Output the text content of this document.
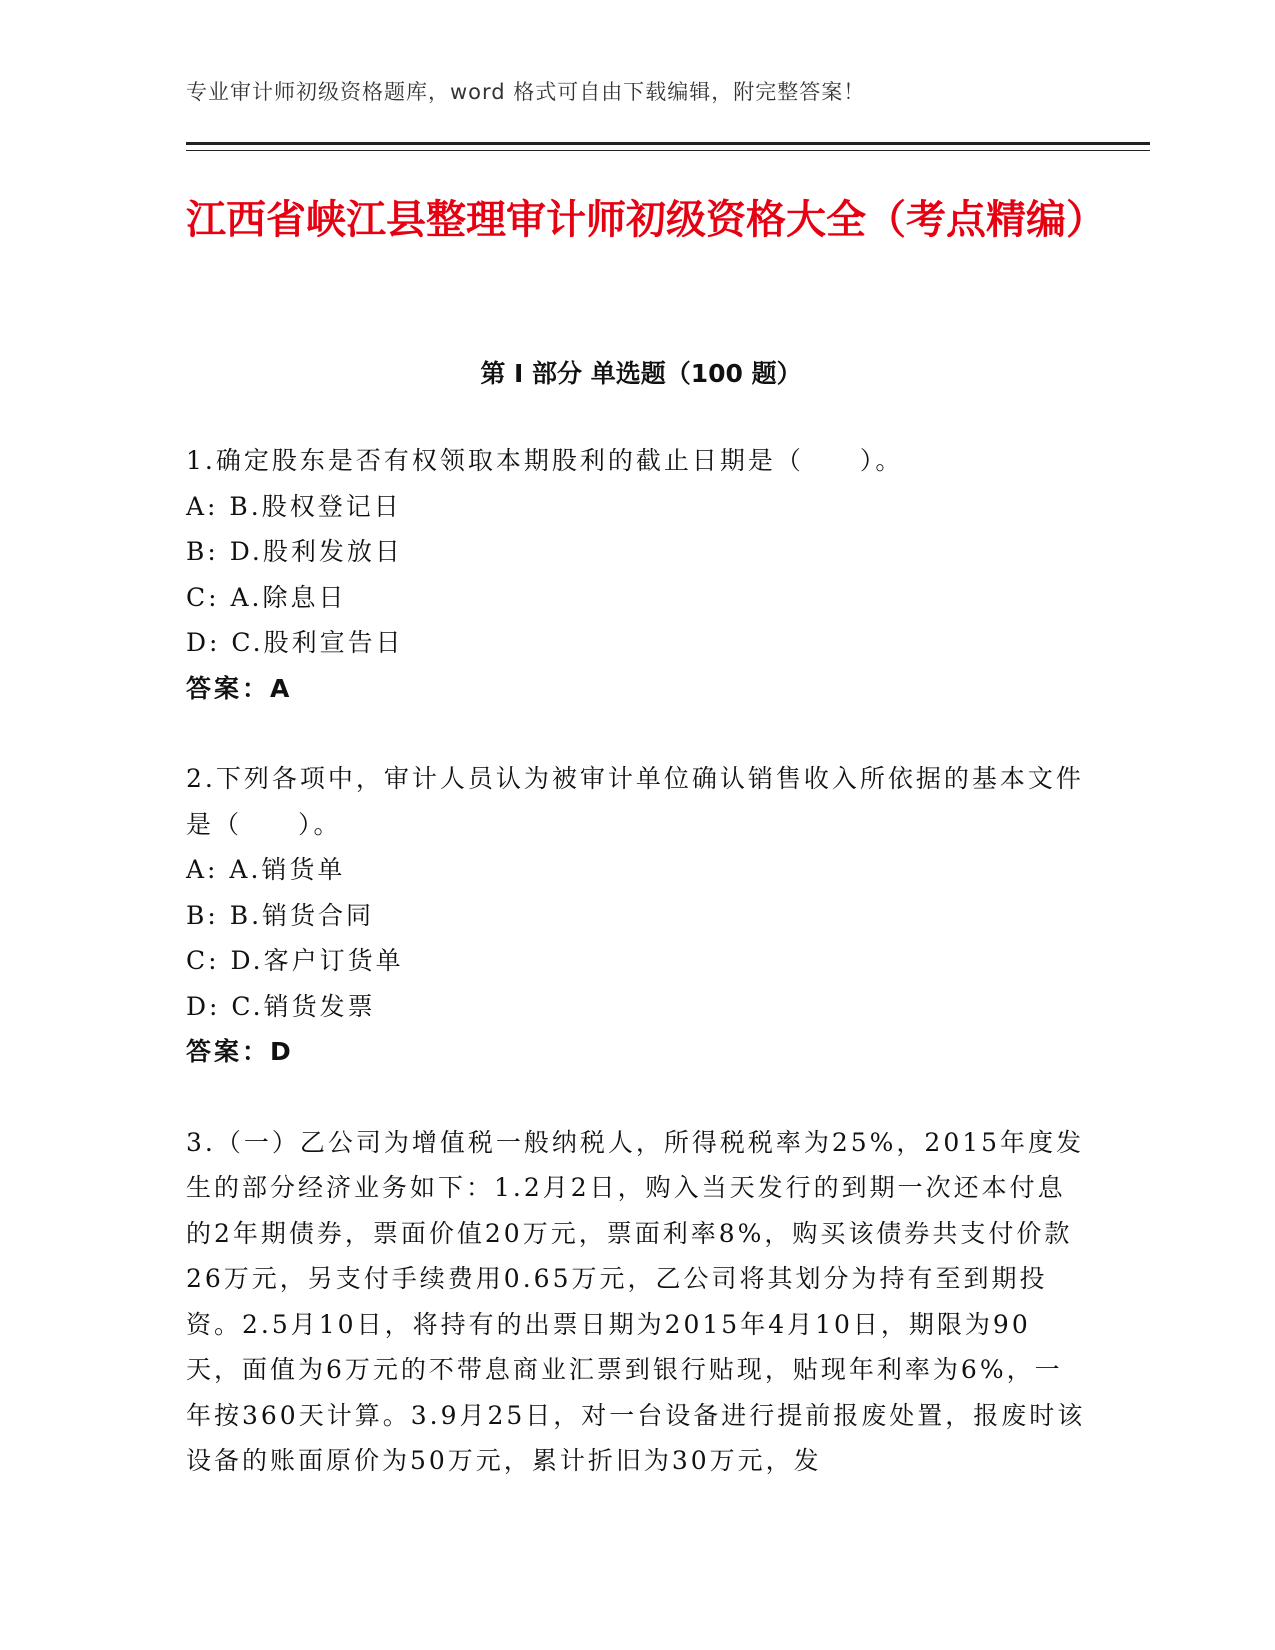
专业审计师初级资格题库，word 格式可自由下载编辑，附完整答案！
江西省峡江县整理审计师初级资格大全（考点精编）
第 I 部分 单选题（100 题）
1.确定股东是否有权领取本期股利的截止日期是（　　）。
A: B.股权登记日
B: D.股利发放日
C: A.除息日
D: C.股利宣告日
答案：A
2.下列各项中，审计人员认为被审计单位确认销售收入所依据的基本文件是（　　）。
A: A.销货单
B: B.销货合同
C: D.客户订货单
D: C.销货发票
答案：D
3.（一）乙公司为增值税一般纳税人，所得税税率为25%，2015年度发生的部分经济业务如下：1.2月2日，购入当天发行的到期一次还本付息的2年期债券，票面价值20万元，票面利率8%，购买该债券共支付价款26万元，另支付手续费用0.65万元，乙公司将其划分为持有至到期投资。2.5月10日，将持有的出票日期为2015年4月10日，期限为90天，面值为6万元的不带息商业汇票到银行贴现，贴现年利率为6%，一年按360天计算。3.9月25日，对一台设备进行提前报废处置，报废时该设备的账面原价为50万元，累计折旧为30万元，发
